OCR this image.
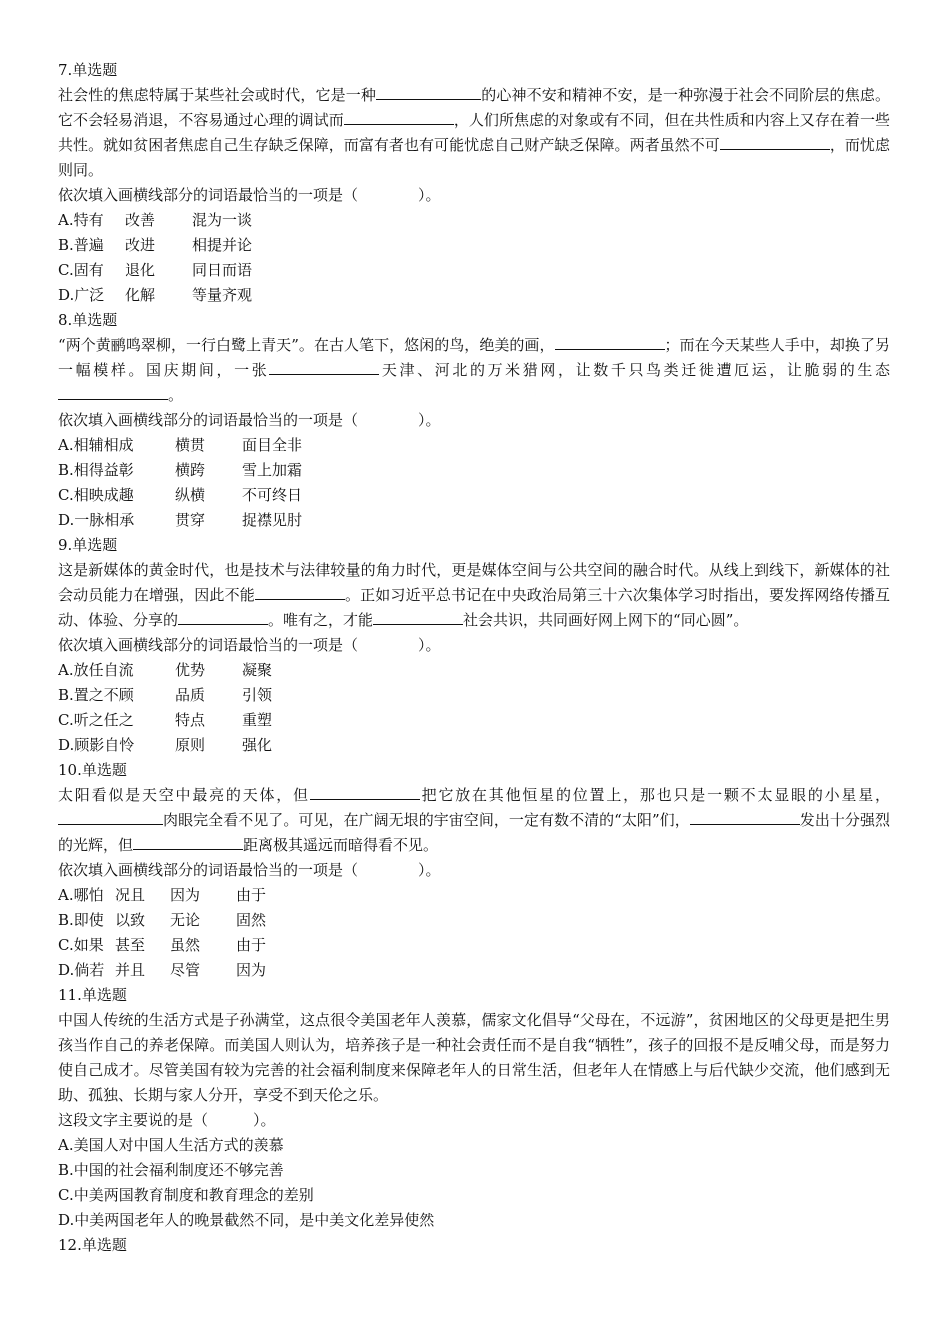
7.单选题

社会性的焦虑特属于某些社会或时代，它是一种	的心神不安和精神不安，是一种弥漫于社会不同阶层的焦虑。它不会轻易消退，不容易通过心理的调试而	，人们所焦虑的对象或有不同，但在共性质和内容上又存在着一些共性。就如贫困者焦虑自己生存缺乏保障，而富有者也有可能忧虑自己财产缺乏保障。两者虽然不可	，而忧虑则同。

依次填入画横线部分的词语最恰当的一项是（　　　　）。
A.特有 改善 混为一谈
B.普遍 改进 相提并论
C.固有 退化 同日而语
D.广泛 化解 等量齐观
8.单选题

“两个黄鹂鸣翠柳，一行白鹭上青天”。在古人笔下，悠闲的鸟，绝美的画，	；而在今天某些人手中，却换了另一幅模样。国庆期间，一张	天津、河北的万米猎网，让数千只鸟类迁徙遭厄运，让脆弱的生态。

依次填入画横线部分的词语最恰当的一项是（　　　　）。
A.相辅相成	横贯 面目全非
B.相得益彰	横跨 雪上加霜
C.相映成趣	纵横 不可终日
D.一脉相承	贯穿 捉襟见肘
9.单选题

这是新媒体的黄金时代，也是技术与法律较量的角力时代，更是媒体空间与公共空间的融合时代。从线上到线下，新媒体的社会动员能力在增强，因此不能	。正如习近平总书记在中央政治局第三十六次集体学习时指出，要发挥网络传播互动、体验、分享的	。唯有之，才能	社会共识，共同画好网上网下的“同心圆”。

依次填入画横线部分的词语最恰当的一项是（　　　　）。
A.放任自流	优势 凝聚
B.置之不顾	品质 引领
C.听之任之	特点 重塑
D.顾影自怜	原则 强化
10.单选题

太阳看似是天空中最亮的天体，但	把它放在其他恒星的位置上，那也只是一颗不太显眼的小星星，肉眼完全看不见了。可见，在广阔无垠的宇宙空间，一定有数不清的“太阳”们，	发出十分强烈的光辉，但	距离极其遥远而暗得看不见。

依次填入画横线部分的词语最恰当的一项是（　　　　）。
A.哪怕 况且 因为 由于
B.即使 以致 无论 固然
C.如果 甚至 虽然 由于
D.倘若 并且 尽管 因为
11.单选题
中国人传统的生活方式是子孙满堂，这点很令美国老年人羡慕，儒家文化倡导“父母在，不远游”，贫困地区的父母更是把生男孩当作自己的养老保障。而美国人则认为，培养孩子是一种社会责任而不是自我“牺牲”，孩子的回报不是反哺父母，而是努力使自己成才。尽管美国有较为完善的社会福利制度来保障老年人的日常生活，但老年人在情感上与后代缺少交流，他们感到无助、孤独、长期与家人分开，享受不到天伦之乐。
这段文字主要说的是（　　　）。
A.美国人对中国人生活方式的羡慕
B.中国的社会福利制度还不够完善
C.中美两国教育制度和教育理念的差别
D.中美两国老年人的晚景截然不同，是中美文化差异使然
12.单选题
